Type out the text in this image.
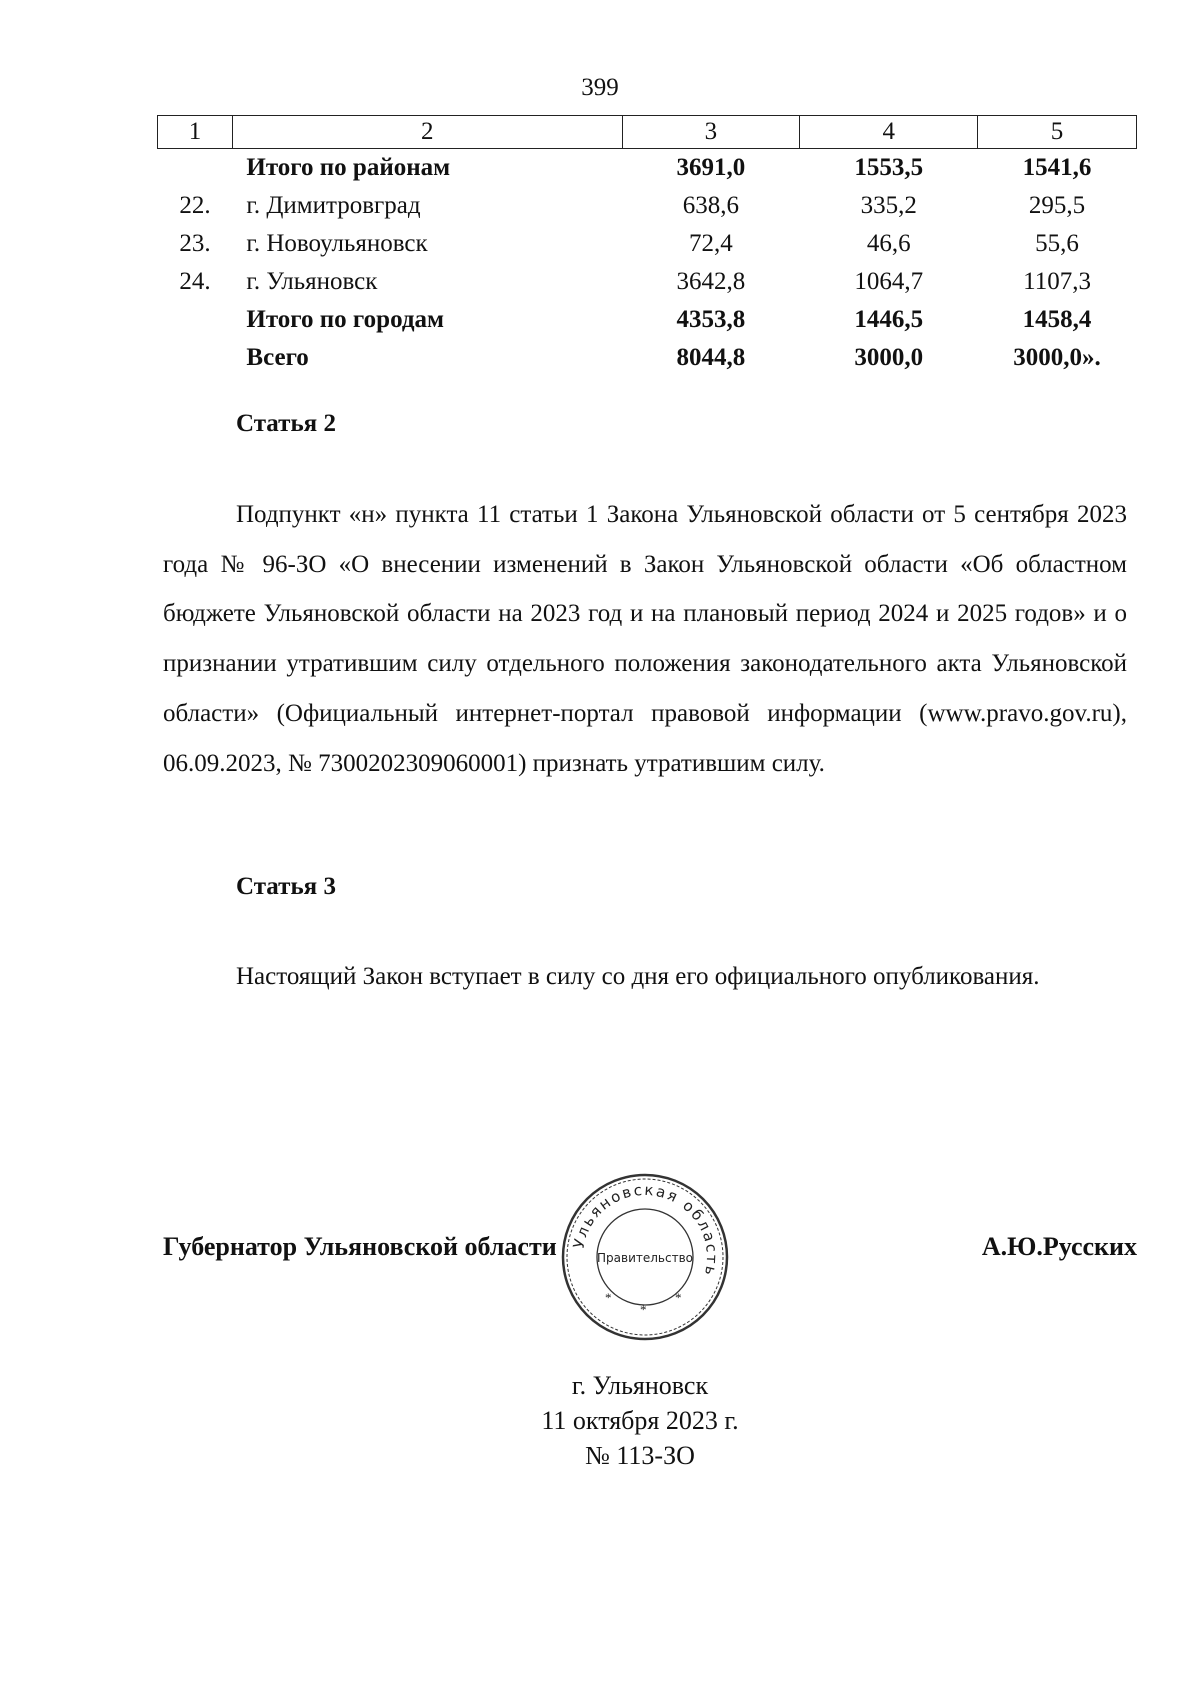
399
1	2	3	4	5
	Итого по районам	3691,0	1553,5	1541,6
22.	г. Димитровград	638,6	335,2	295,5
23.	г. Новоульяновск	72,4	46,6	55,6
24.	г. Ульяновск	3642,8	1064,7	1107,3
	Итого по городам	4353,8	1446,5	1458,4
	Всего	8044,8	3000,0	3000,0».
Статья 2
Подпункт «н» пункта 11 статьи 1 Закона Ульяновской области от 5 сентября 2023 года № 96-ЗО «О внесении изменений в Закон Ульяновской области «Об областном бюджете Ульяновской области на 2023 год и на плановый период 2024 и 2025 годов» и о признании утратившим силу отдельного положения законодательного акта Ульяновской области» (Официальный интернет-портал правовой информации (www.pravo.gov.ru), 06.09.2023, № 7300202309060001) признать утратившим силу.
Статья 3
Настоящий Закон вступает в силу со дня его официального опубликования.
Губернатор Ульяновской области	А.Ю.Русских
Ульяновская область
Правительство
*
*
*
г. Ульяновск
11 октября 2023 г.
№ 113-ЗО
